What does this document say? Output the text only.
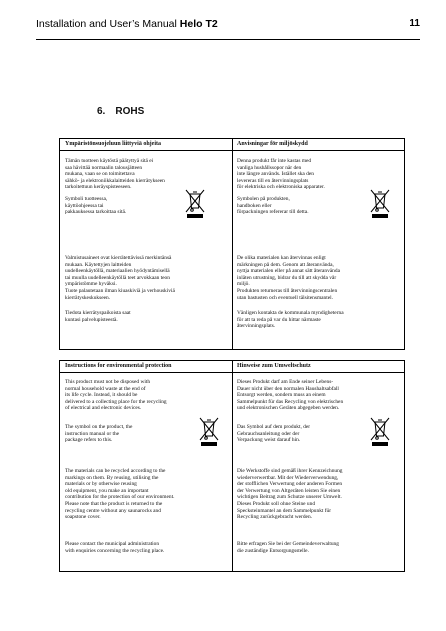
Installation and User’s Manual Helo T2	11
6. ROHS
Ympäristönsuojeluun liittyviä ohjeita
Tämän tuotteen käytöstä päätyttyä sitä ei
saa hävittää normaalin talousjätteen
mukana, vaan se on toimitettava
sähkö- ja elektroniikkalaitteiden kierrätykseen
tarkoitettuun keräyspisteeseen.
Symboli tuotteessa,
käyttöohjeessa tai
pakkauksessa tarkoittaa sitä.
Valmistusaineet ovat kierrätettävissä merkintänsä
mukaan. Käytettyjen laitteiden
uudelleenkäytöllä, materiaalien hyödyntämisellä
tai muulla uudelleenkäytöllä teet arvokkaan teon
ympäristömme hyväksi.
Tuote palautetaan ilman kiuaskiviä ja verhouskiviä
kierrätyskeskukseen.
Tiedota kierrätyspaikoista saat
kuntasi palvelupisteestä.
Anvisningar för miljöskydd
Denna produkt får inte kastas med
vanliga hushållssopor när den
inte längre används. Istället ska den
levereras till en återvinningsplats
för elektriska och elektroniska apparater.
Symbolen på produkten,
handboken eller
förpackningen refererar till detta.
De olika materialen kan återvinnas enligt
märkningen på dem. Genom att återanvända,
nyttja materialen eller på annat sätt återanvända
inläten utrustning, bidrar du till att skydda vår
miljö.
Produkten returneras till återvinningscentralen
utan bastusten och eventuell tälsitensmantel.
Vänligen kontakta de kommunala myndigheterna
för att ta reda på var du hittar närmaste
återvinningsplats.
Instructions for environmental protection
This product must not be disposed with
normal household waste at the end of
its life cycle. Instead, it should be
delivered to a collecting place for the recycling
of electrical and electronic devices.
The symbol on the product, the
instruction manual or the
package refers to this.
The materials can be recycled according to the
markings on them. By reusing, utilising the
materials or by otherwise reusing
old equipment, you make an important
contribution for the protection of our environment.
Please note that the product is returned to the
recycling centre without any saunarocks and
soapstone cover.
Please contact the municipal administration
with enquiries concerning the recycling place.
Hinweise zum Umweltschutz
Dieses Produkt darf am Ende seiner Lebens-
Dauer nicht über den normalen Haushaltsabfall
Entsorgt werden, sondern muss an einem
Sammelpunkt für das Recycling von elektrischen
und elektronischen Geräten abgegeben werden.
Das Symbol auf dem produkt, der
Gebrauchsanleitung oder der
Verpackung weist darauf hin.
Die Werkstoffe sind gemäß ihrer Kennzeichnung
wiederverwertbar. Mit der Wiederverwendung,
der stofflichen Verwertung oder anderen Formen
der Verwertung von Altgeräten leisten Sie einen
wichtigen Beitrag zum Schutze unserer Umwelt.
Dieses Produkt soll ohne Steine und
Specksteinmantel an dem Sammelpunkt für
Recycling zurückgebracht werden.
Bitte erfragen Sie bei der Gemeindeverwaltung
die zuständige Entsorgungsstelle.
